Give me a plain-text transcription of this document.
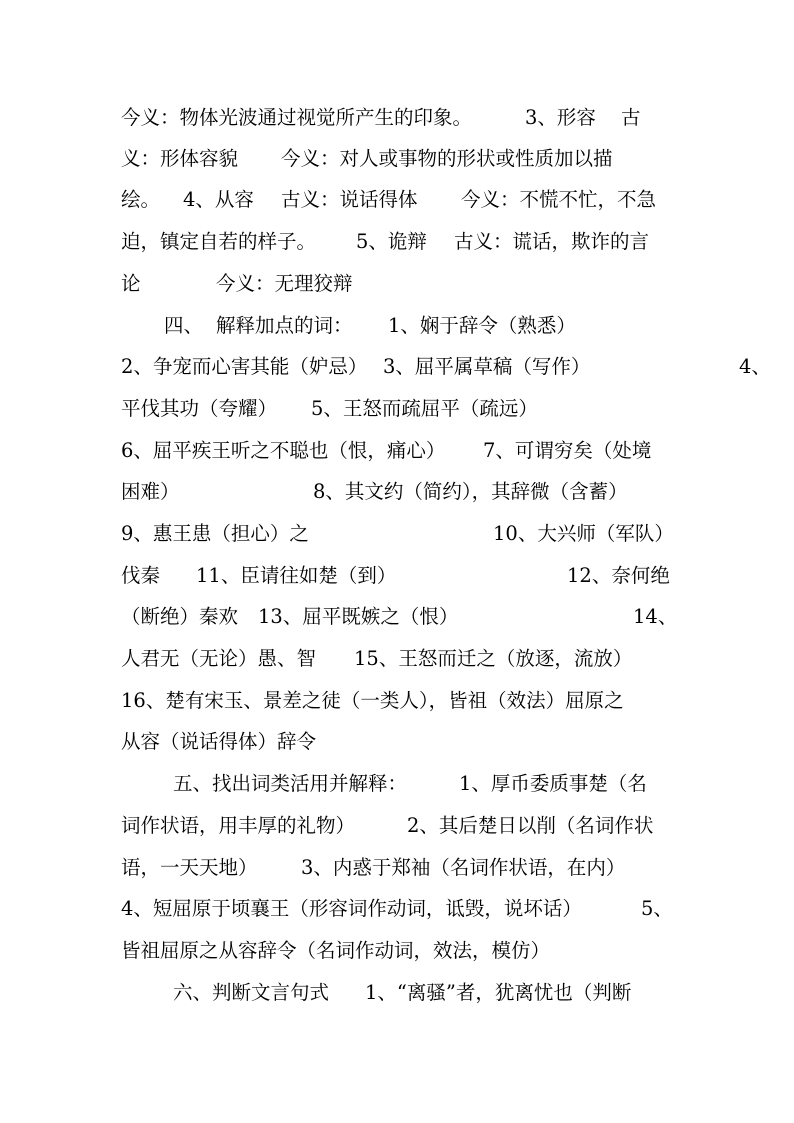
今义：物体光波通过视觉所产生的印象。	3、形容 古
义：形体容貌 今义：对人或事物的形状或性质加以描
绘。 4、从容 古义：说话得体 今义：不慌不忙，不急
迫，镇定自若的样子。 5、诡辩 古义：谎话，欺诈的言
论	今义：无理狡辩
四、 解释加点的词： 1、娴于辞令（熟悉）
2、争宠而心害其能（妒忌） 3、屈平属草稿（写作）	4、
平伐其功（夸耀） 5、王怒而疏屈平（疏远）
6、屈平疾王听之不聪也（恨，痛心） 7、可谓穷矣（处境
困难）	8、其文约（简约），其辞微（含蓄）
9、惠王患（担心）之	10、大兴师（军队）
伐秦 11、臣请往如楚（到）	12、奈何绝
（断绝）秦欢 13、屈平既嫉之（恨）	14、
人君无（无论）愚、智 15、王怒而迁之（放逐，流放）
16、楚有宋玉、景差之徒（一类人），皆祖（效法）屈原之
从容（说话得体）辞令
五、找出词类活用并解释：	1、厚币委质事楚（名
词作状语，用丰厚的礼物）	2、其后楚日以削（名词作状
语，一天天地） 3、内惑于郑袖（名词作状语，在内）
4、短屈原于顷襄王（形容词作动词，诋毁，说坏话）	5、
皆祖屈原之从容辞令（名词作动词，效法，模仿）
六、判断文言句式 1、“离骚”者，犹离忧也（判断
